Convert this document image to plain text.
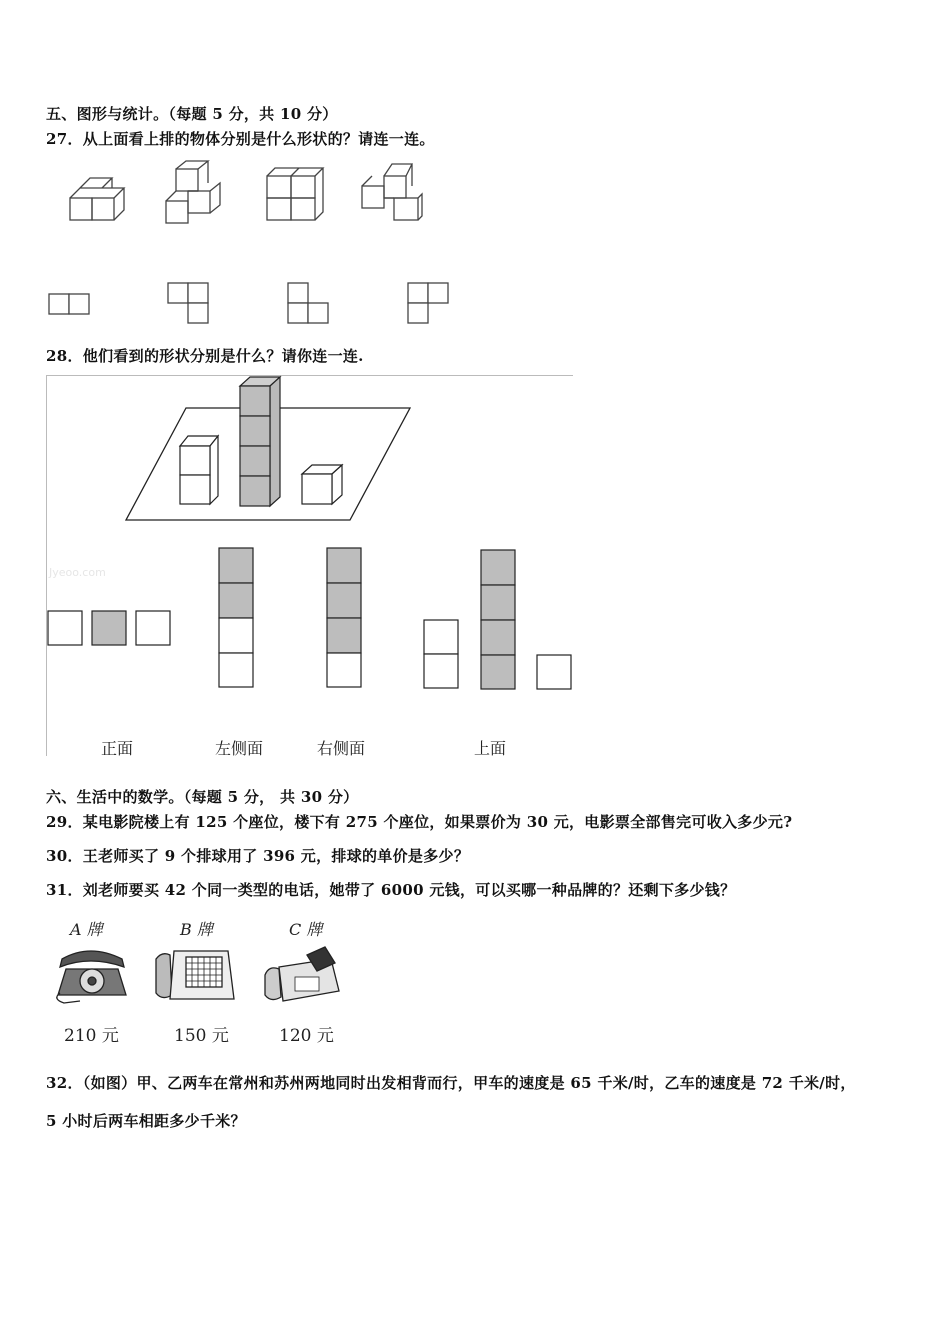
五、图形与统计。（每题 5 分，共 10 分）
27．从上面看上排的物体分别是什么形状的？请连一连。
28．他们看到的形状分别是什么？请你连一连.
Jyeoo.com
正面	左侧面	右侧面	上面
六、生活中的数学。（每题 5 分， 共 30 分）
29．某电影院楼上有 125 个座位，楼下有 275 个座位，如果票价为 30 元，电影票全部售完可收入多少元?
30．王老师买了 9 个排球用了 396 元，排球的单价是多少？
31．刘老师要买 42 个同一类型的电话，她带了 6000 元钱，可以买哪一种品牌的？还剩下多少钱？
A 牌
210 元
B 牌
150 元
C 牌
120 元
32．（如图）甲、乙两车在常州和苏州两地同时出发相背而行，甲车的速度是 65 千米/时，乙车的速度是 72 千米/时，
5 小时后两车相距多少千米？
